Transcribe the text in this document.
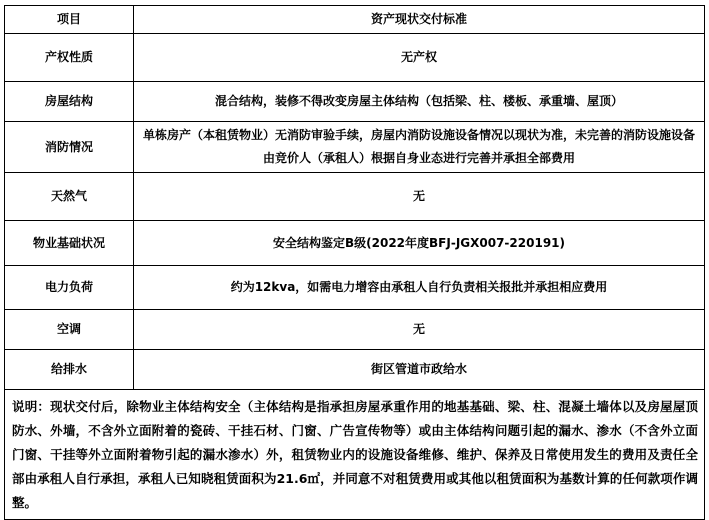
项目	资产现状交付标准
产权性质	无产权
房屋结构	混合结构，装修不得改变房屋主体结构（包括梁、柱、楼板、承重墙、屋顶）
消防情况	单栋房产（本租赁物业）无消防审验手续，房屋内消防设施设备情况以现状为准，未完善的消防设施设备由竞价人（承租人）根据自身业态进行完善并承担全部费用
天然气	无
物业基础状况	安全结构鉴定B级(2022年度BFJ-JGX007-220191)
电力负荷	约为12kva，如需电力增容由承租人自行负责相关报批并承担相应费用
空调	无
给排水	街区管道市政给水
说明：现状交付后，除物业主体结构安全（主体结构是指承担房屋承重作用的地基基础、梁、柱、混凝土墙体以及房屋屋顶防水、外墙，不含外立面附着的瓷砖、干挂石材、门窗、广告宣传物等）或由主体结构问题引起的漏水、渗水（不含外立面门窗、干挂等外立面附着物引起的漏水渗水）外，租赁物业内的设施设备维修、维护、保养及日常使用发生的费用及责任全部由承租人自行承担，承租人已知晓租赁面积为21.6㎡，并同意不对租赁费用或其他以租赁面积为基数计算的任何款项作调整。	
